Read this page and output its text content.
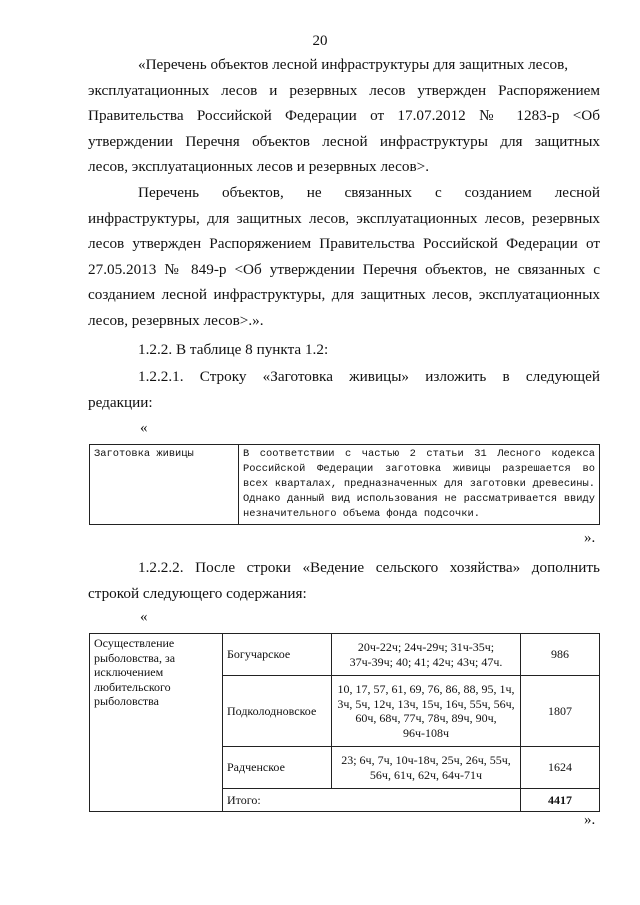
20
«Перечень объектов лесной инфраструктуры для защитных лесов,
эксплуатационных лесов и резервных лесов утвержден Распоряжением
Правительства Российской Федерации от 17.07.2012 № 1283-р <Об
утверждении Перечня объектов лесной инфраструктуры для защитных
лесов, эксплуатационных лесов и резервных лесов>.
Перечень объектов, не связанных с созданием лесной
инфраструктуры, для защитных лесов, эксплуатационных лесов, резервных
лесов утвержден Распоряжением Правительства Российской Федерации от
27.05.2013 № 849-р <Об утверждении Перечня объектов, не связанных с
созданием лесной инфраструктуры, для защитных лесов, эксплуатационных
лесов, резервных лесов>.».
1.2.2. В таблице 8 пункта 1.2:
1.2.2.1. Строку «Заготовка живицы» изложить в следующей
редакции:
«
Заготовка живицы	В соответствии с частью 2 статьи 31 Лесного кодекса Российской Федерации заготовка живицы разрешается во всех кварталах, предназначенных для заготовки древесины. Однако данный вид использования не рассматривается ввиду незначительного объема фонда подсочки.
».
1.2.2.2. После строки «Ведение сельского хозяйства» дополнить
строкой следующего содержания:
«
Осуществление рыболовства, за исключением любительского рыболовства	Богучарское	20ч-22ч; 24ч-29ч; 31ч-35ч; 37ч-39ч; 40; 41; 42ч; 43ч; 47ч.	986
	Подколодновское	10, 17, 57, 61, 69, 76, 86, 88, 95, 1ч, 3ч, 5ч, 12ч, 13ч, 15ч, 16ч, 55ч, 56ч, 60ч, 68ч, 77ч, 78ч, 89ч, 90ч, 96ч-108ч	1807
	Радченское	23; 6ч, 7ч, 10ч-18ч, 25ч, 26ч, 55ч, 56ч, 61ч, 62ч, 64ч-71ч	1624
	Итого:		4417
».
